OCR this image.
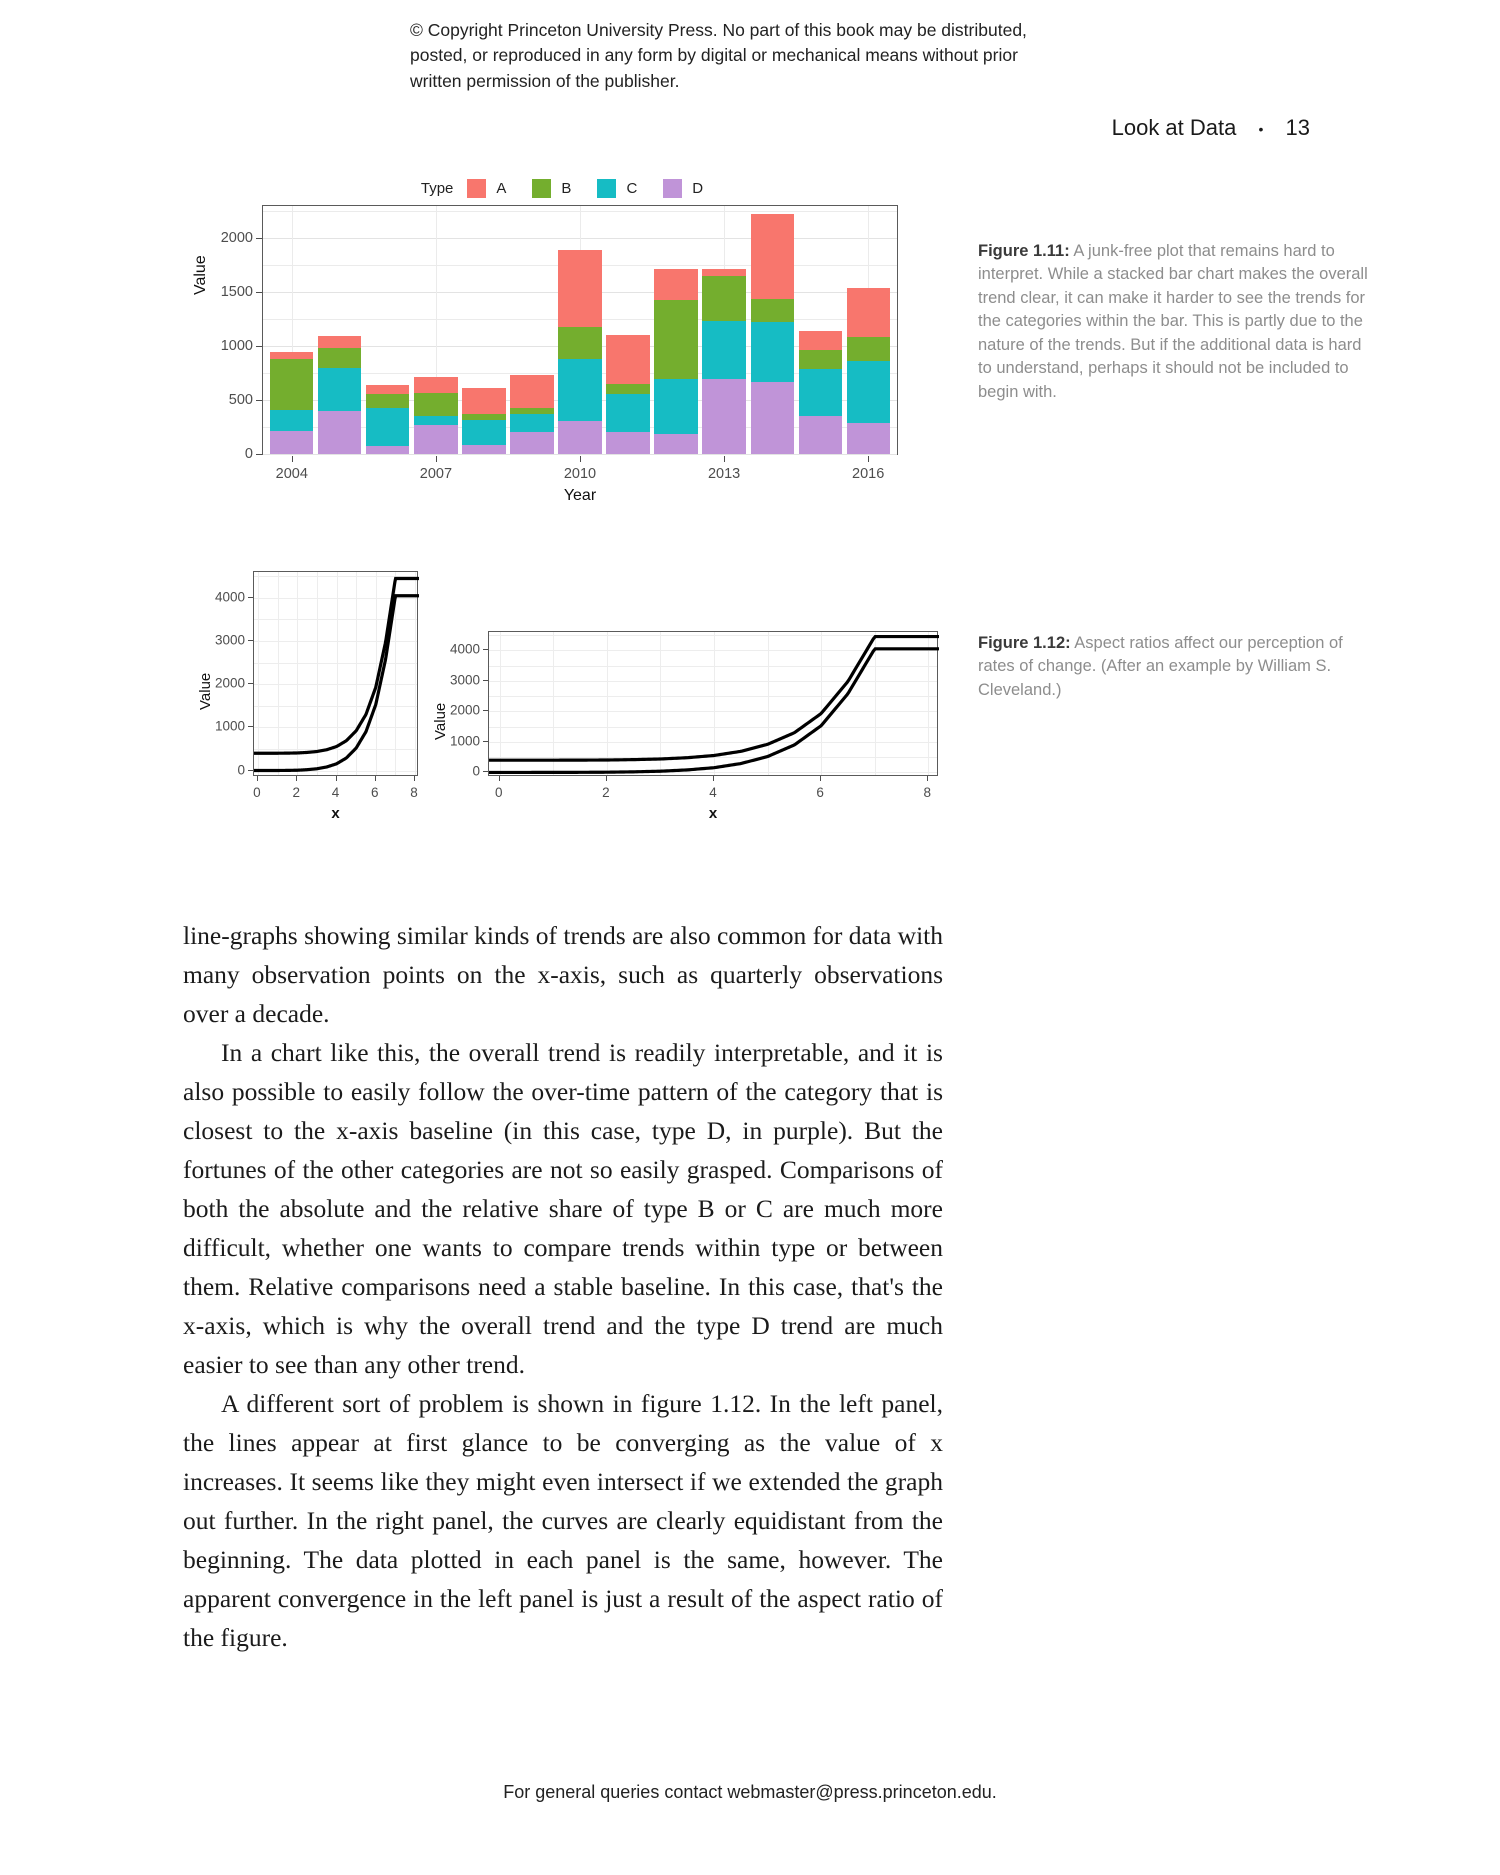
© Copyright Princeton University Press. No part of this book may be distributed, posted, or reproduced in any form by digital or mechanical means without prior written permission of the publisher.
Look at Data • 13
Type	A	B	C	D
0
500
1000
1500
2000
2004	2007	2010	2013	2016
Value
Year
Figure 1.11: A junk-free plot that remains hard to interpret. While a stacked bar chart makes the overall trend clear, it can make it harder to see the trends for the categories within the bar. This is partly due to the nature of the trends. But if the additional data is hard to understand, perhaps it should not be included to begin with.
0
1000
2000
3000
4000
0 2 4 6 8
Value
x
0
1000
2000
3000
4000
0	2	4	6	8
Value
x
Figure 1.12: Aspect ratios affect our perception of rates of change. (After an example by William S. Cleveland.)

line-graphs showing similar kinds of trends are also common for data with many observation points on the x-axis, such as quarterly observations over a decade.

In a chart like this, the overall trend is readily interpretable, and it is also possible to easily follow the over-time pattern of the category that is closest to the x-axis baseline (in this case, type D, in purple). But the fortunes of the other categories are not so easily grasped. Comparisons of both the absolute and the relative share of type B or C are much more difficult, whether one wants to compare trends within type or between them. Relative comparisons need a stable baseline. In this case, that's the x-axis, which is why the overall trend and the type D trend are much easier to see than any other trend.

A different sort of problem is shown in figure 1.12. In the left panel, the lines appear at first glance to be converging as the value of x increases. It seems like they might even intersect if we extended the graph out further. In the right panel, the curves are clearly equidistant from the beginning. The data plotted in each panel is the same, however. The apparent convergence in the left panel is just a result of the aspect ratio of the figure.

For general queries contact webmaster@press.princeton.edu.
